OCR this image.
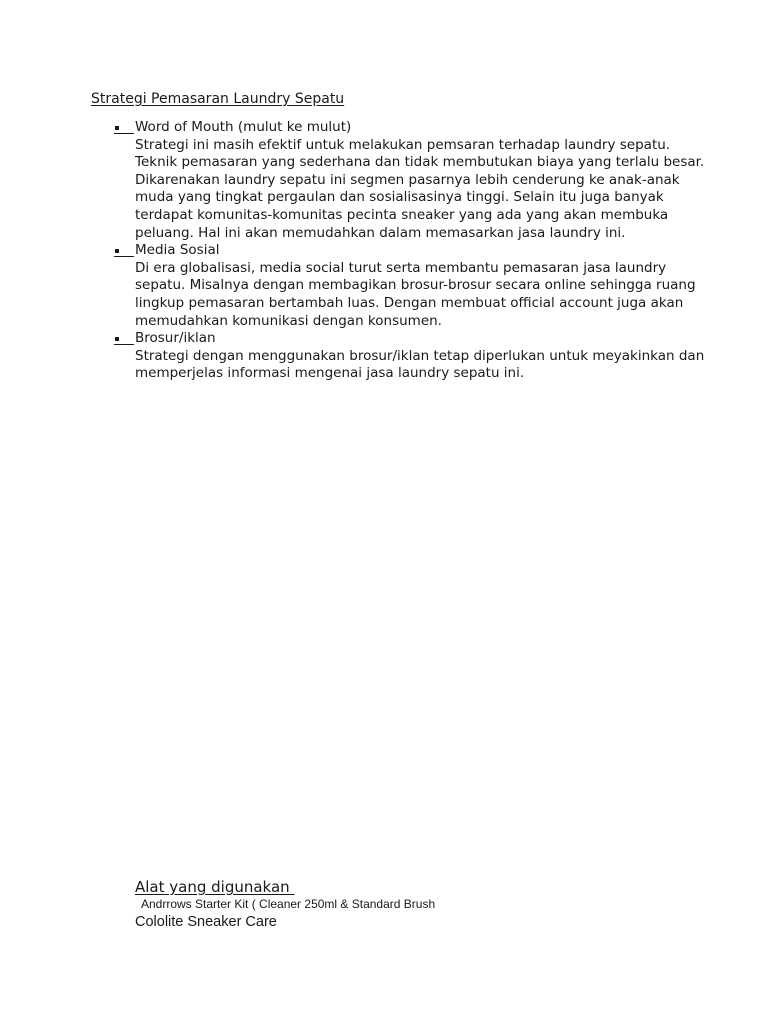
Strategi Pemasaran Laundry Sepatu
Word of Mouth (mulut ke mulut)
Strategi ini masih efektif untuk melakukan pemsaran terhadap laundry sepatu. Teknik pemasaran yang sederhana dan tidak membutukan biaya yang terlalu besar. Dikarenakan laundry sepatu ini segmen pasarnya lebih cenderung ke anak-anak muda yang tingkat pergaulan dan sosialisasinya tinggi. Selain itu juga banyak terdapat komunitas-komunitas pecinta sneaker yang ada yang akan membuka peluang. Hal ini akan memudahkan dalam memasarkan jasa laundry ini.
Media Sosial
Di era globalisasi, media social turut serta membantu pemasaran jasa laundry sepatu. Misalnya dengan membagikan brosur-brosur secara online sehingga ruang lingkup pemasaran bertambah luas. Dengan membuat official account juga akan memudahkan komunikasi dengan konsumen.
Brosur/iklan
Strategi dengan menggunakan brosur/iklan tetap diperlukan untuk meyakinkan dan memperjelas informasi mengenai jasa laundry sepatu ini.
Alat yang digunakan
Andrrows Starter Kit ( Cleaner 250ml & Standard Brush
Cololite Sneaker Care
